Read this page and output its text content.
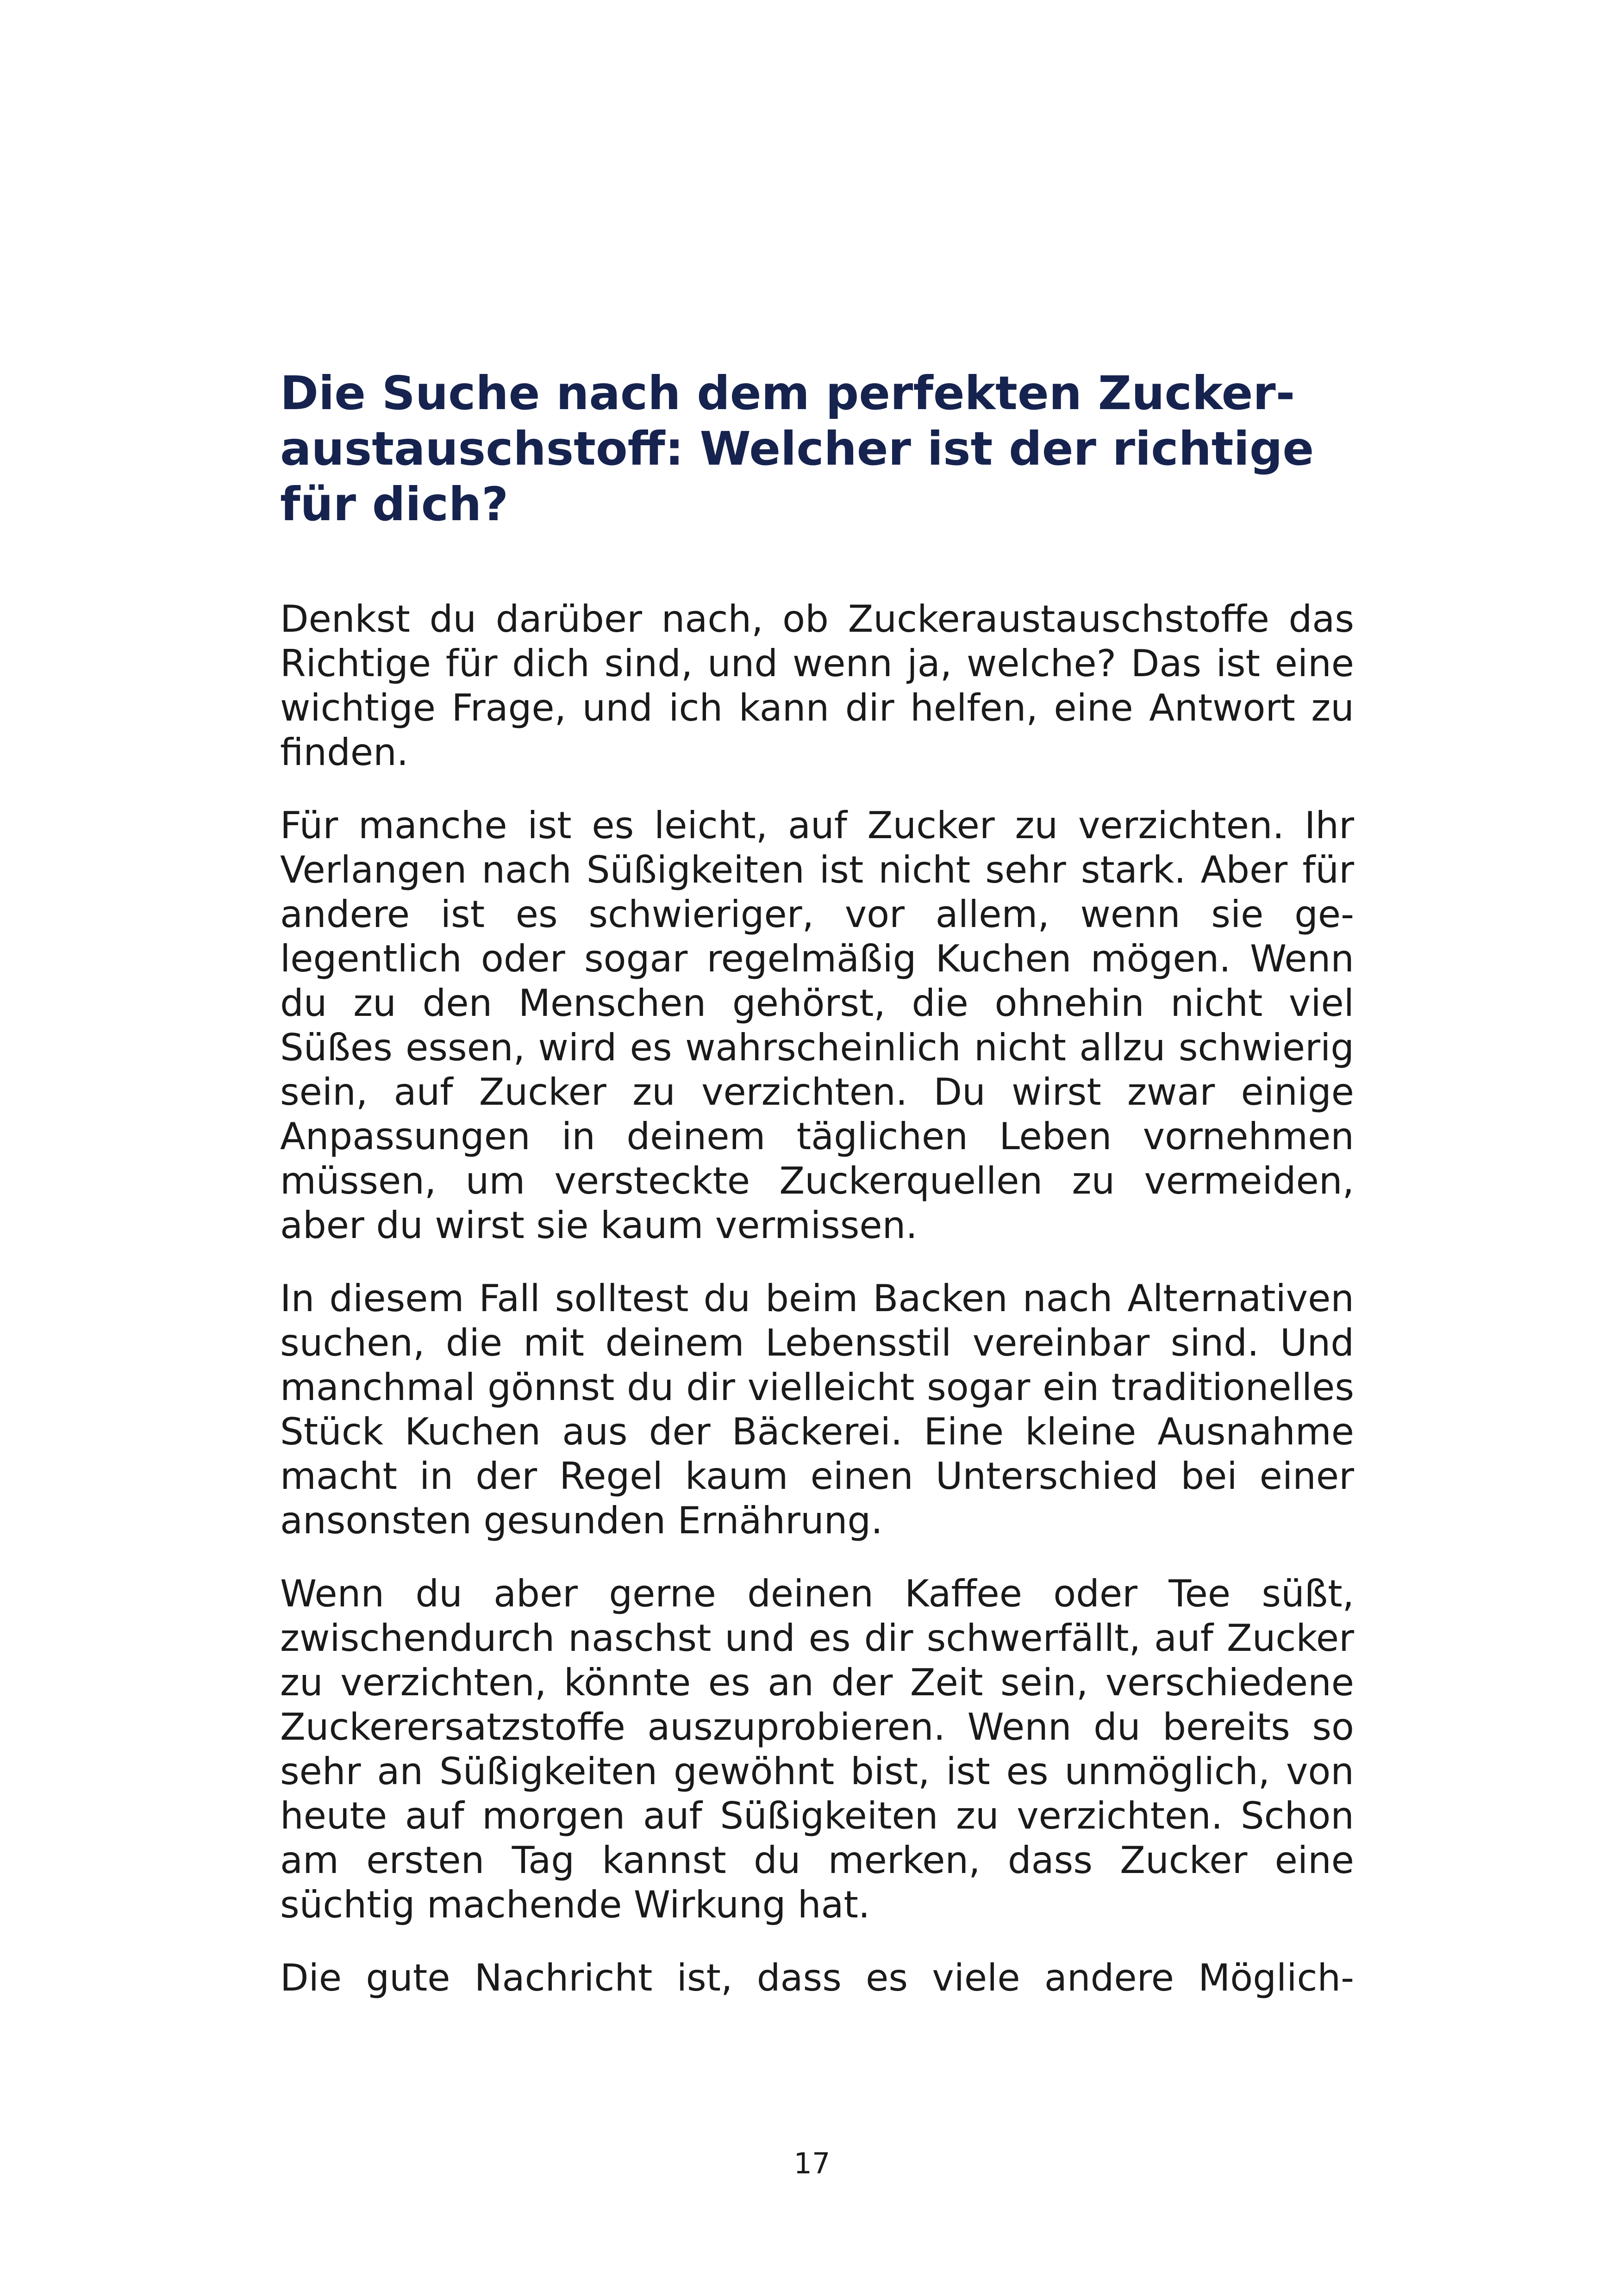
Die Suche nach dem perfekten Zuckeraustauschstoff: Welcher ist der richtige für dich?

Denkst du darüber nach, ob Zuckeraustauschstoffe das Richtige für dich sind, und wenn ja, welche? Das ist eine wichtige Frage, und ich kann dir helfen, eine Antwort zu finden.

Für manche ist es leicht, auf Zucker zu verzichten. Ihr Verlangen nach Süßigkeiten ist nicht sehr stark. Aber für andere ist es schwieriger, vor allem, wenn sie gelegentlich oder sogar regelmäßig Kuchen mögen. Wenn du zu den Menschen gehörst, die ohnehin nicht viel Süßes essen, wird es wahrscheinlich nicht allzu schwierig sein, auf Zucker zu verzichten. Du wirst zwar einige Anpassungen in deinem täglichen Leben vornehmen müssen, um versteckte Zuckerquellen zu vermeiden, aber du wirst sie kaum vermissen.

In diesem Fall solltest du beim Backen nach Alternativen suchen, die mit deinem Lebensstil vereinbar sind. Und manchmal gönnst du dir vielleicht sogar ein traditionelles Stück Kuchen aus der Bäckerei. Eine kleine Ausnahme macht in der Regel kaum einen Unterschied bei einer ansonsten gesunden Ernährung.

Wenn du aber gerne deinen Kaffee oder Tee süßt, zwischendurch naschst und es dir schwerfällt, auf Zucker zu verzichten, könnte es an der Zeit sein, verschiedene Zuckerersatzstoffe auszuprobieren. Wenn du bereits so sehr an Süßigkeiten gewöhnt bist, ist es unmöglich, von heute auf morgen auf Süßigkeiten zu verzichten. Schon am ersten Tag kannst du merken, dass Zucker eine süchtig machende Wirkung hat.

Die gute Nachricht ist, dass es viele andere Möglich-

17
